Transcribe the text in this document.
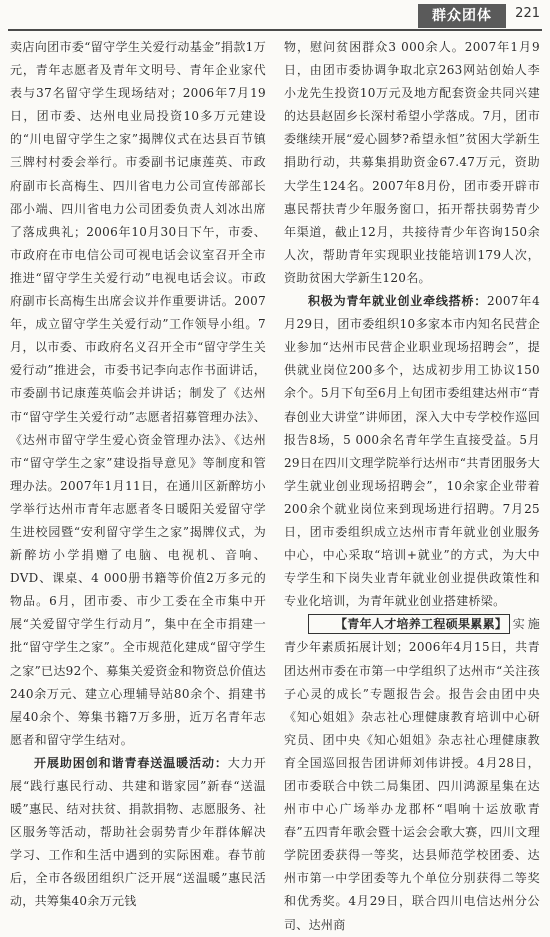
群众团体	221

卖店向团市委“留守学生关爱行动基金”捐款1万元，青年志愿者及青年文明号、青年企业家代表与37名留守学生现场结对；2006年7月19日，团市委、达州电业局投资10多万元建设的“川电留守学生之家”揭牌仪式在达县百节镇三牌村村委会举行。市委副书记康莲英、市政府副市长高梅生、四川省电力公司宣传部部长邵小端、四川省电力公司团委负责人刘冰出席了落成典礼；2006年10月30日下午，市委、市政府在市电信公司可视电话会议室召开全市推进“留守学生关爱行动”电视电话会议。市政府副市长高梅生出席会议并作重要讲话。2007年，成立留守学生关爱行动”工作领导小组。7月，以市委、市政府名义召开全市“留守学生关爱行动”推进会，市委书记李向志作书面讲话，市委副书记康莲英临会并讲话；制发了《达州市“留守学生关爱行动”志愿者招募管理办法》、《达州市留守学生爱心资金管理办法》、《达州市“留守学生之家”建设指导意见》等制度和管理办法。2007年1月11日，在通川区新醉坊小学举行达州市青年志愿者冬日暖阳关爱留守学生进校园暨“安利留守学生之家”揭牌仪式，为新醉坊小学捐赠了电脑、电视机、音响、DVD、课桌、4 000册书籍等价值2万多元的物品。6月，团市委、市少工委在全市集中开展“关爱留守学生行动月”，集中在全市捐建一批“留守学生之家”。全市规范化建成“留守学生之家”已达92个、募集关爱资金和物资总价值达240余万元、建立心理辅导站80余个、捐建书屋40余个、筹集书籍7万多册，近万名青年志愿者和留守学生结对。

开展助困创和谐青春送温暖活动：大力开展“践行惠民行动、共建和谐家园”新春“送温暖”惠民、结对扶贫、捐款捐物、志愿服务、社区服务等活动，帮助社会弱势青少年群体解决学习、工作和生活中遇到的实际困难。春节前后，全市各级团组织广泛开展“送温暖”惠民活动，共筹集40余万元钱

物，慰问贫困群众3 000余人。2007年1月9日，由团市委协调争取北京263网站创始人李小龙先生投资10万元及地方配套资金共同兴建的达县赵固乡长深村希望小学落成。7月，团市委继续开展“爱心圆梦?希望永恒”贫困大学新生捐助行动，共募集捐助资金67.47万元，资助大学生124名。2007年8月份，团市委开辟市惠民帮扶青少年服务窗口，拓开帮扶弱势青少年渠道，截止12月，共接待青少年咨询150余人次，帮助青年实现职业技能培训179人次，资助贫困大学新生120名。

积极为青年就业创业牵线搭桥：2007年4月29日，团市委组织10多家本市内知名民营企业参加“达州市民营企业职业现场招聘会”，提供就业岗位200多个，达成初步用工协议150余个。5月下旬至6月上旬团市委组建达州市“青春创业大讲堂”讲师团，深入大中专学校作巡回报告8场，5 000余名青年学生直接受益。5月29日在四川文理学院举行达州市“共青团服务大学生就业创业现场招聘会”，10余家企业带着200余个就业岗位来到现场进行招聘。7月25日，团市委组织成立达州市青年就业创业服务中心，中心采取“培训+就业”的方式，为大中专学生和下岗失业青年就业创业提供政策性和专业化培训，为青年就业创业搭建桥梁。

【青年人才培养工程硕果累累】 实施青少年素质拓展计划；2006年4月15日，共青团达州市委在市第一中学组织了达州市“关注孩子心灵的成长”专题报告会。报告会由团中央《知心姐姐》杂志社心理健康教育培训中心研究员、团中央《知心姐姐》杂志社心理健康教育全国巡回报告团讲师刘伟讲授。4月28日，团市委联合中铁二局集团、四川鸿源星集在达州市中心广场举办龙郡杯“唱响十运放歌青春”五四青年歌会暨十运会会歌大赛，四川文理学院团委获得一等奖，达县师范学校团委、达州市第一中学团委等九个单位分别获得二等奖和优秀奖。4月29日，联合四川电信达州分公司、达州商
